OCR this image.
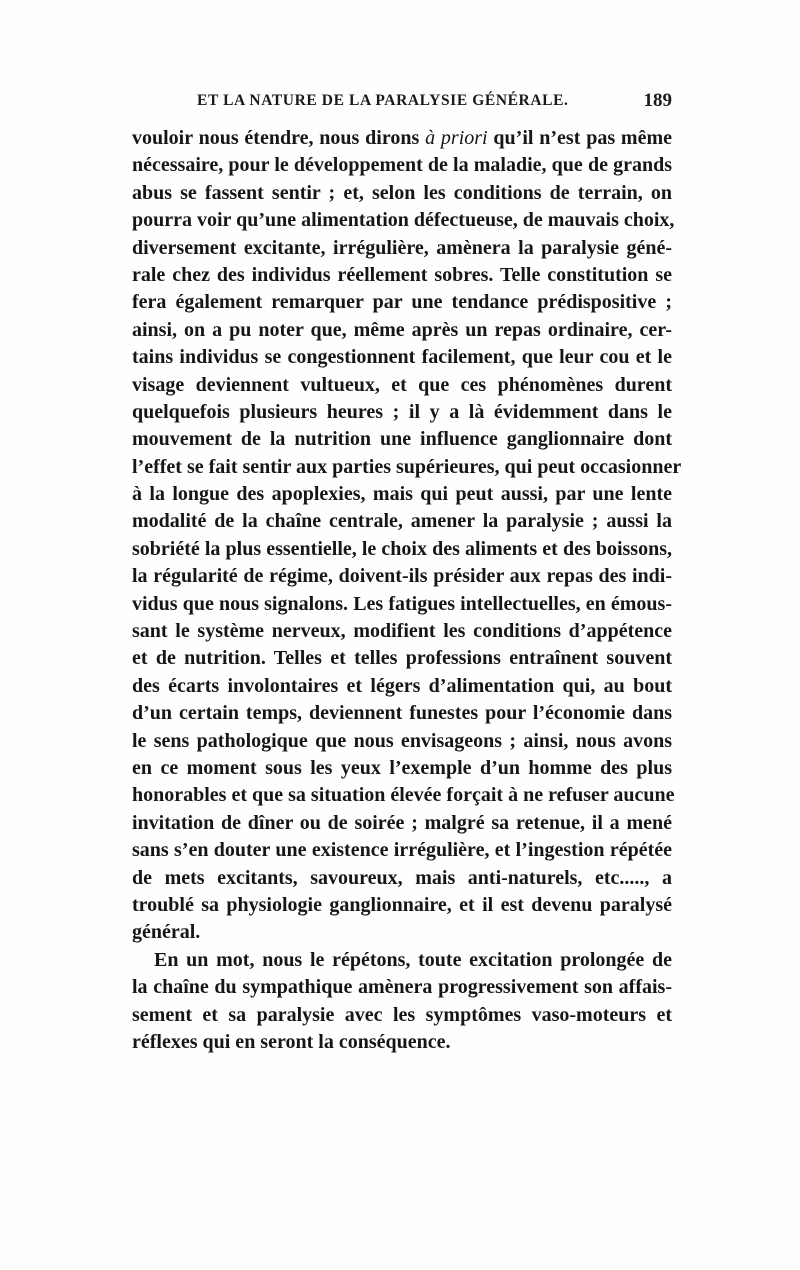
ET LA NATURE DE LA PARALYSIE GÉNÉRALE.	189
vouloir nous étendre, nous dirons à priori qu’il n’est pas même
nécessaire, pour le développement de la maladie, que de grands
abus se fassent sentir ; et, selon les conditions de terrain, on
pourra voir qu’une alimentation défectueuse, de mauvais choix,
diversement excitante, irrégulière, amènera la paralysie géné-
rale chez des individus réellement sobres. Telle constitution se
fera également remarquer par une tendance prédispositive ;
ainsi, on a pu noter que, même après un repas ordinaire, cer-
tains individus se congestionnent facilement, que leur cou et le
visage deviennent vultueux, et que ces phénomènes durent
quelquefois plusieurs heures ; il y a là évidemment dans le
mouvement de la nutrition une influence ganglionnaire dont
l’effet se fait sentir aux parties supérieures, qui peut occasionner
à la longue des apoplexies, mais qui peut aussi, par une lente
modalité de la chaîne centrale, amener la paralysie ; aussi la
sobriété la plus essentielle, le choix des aliments et des boissons,
la régularité de régime, doivent-ils présider aux repas des indi-
vidus que nous signalons. Les fatigues intellectuelles, en émous-
sant le système nerveux, modifient les conditions d’appétence
et de nutrition. Telles et telles professions entraînent souvent
des écarts involontaires et légers d’alimentation qui, au bout
d’un certain temps, deviennent funestes pour l’économie dans
le sens pathologique que nous envisageons ; ainsi, nous avons
en ce moment sous les yeux l’exemple d’un homme des plus
honorables et que sa situation élevée forçait à ne refuser aucune
invitation de dîner ou de soirée ; malgré sa retenue, il a mené
sans s’en douter une existence irrégulière, et l’ingestion répétée
de mets excitants, savoureux, mais anti-naturels, etc....., a
troublé sa physiologie ganglionnaire, et il est devenu paralysé
général.
En un mot, nous le répétons, toute excitation prolongée de
la chaîne du sympathique amènera progressivement son affais-
sement et sa paralysie avec les symptômes vaso-moteurs et
réflexes qui en seront la conséquence.
